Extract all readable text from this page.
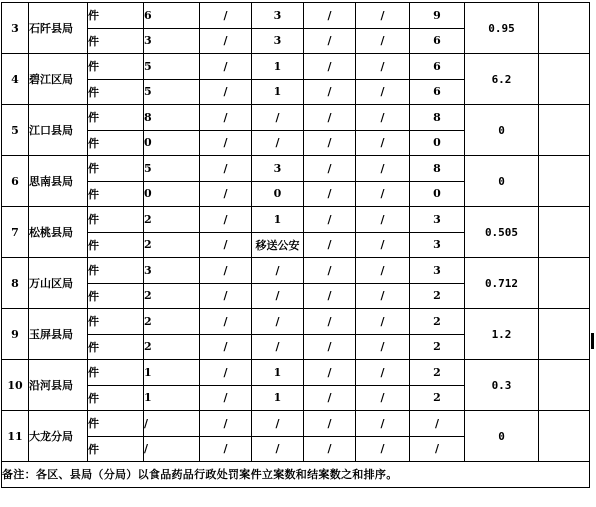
3	石阡县局	件	6	/	3	/	/	9	0.95	
		件	3	/	3	/	/	6		
4	碧江区局	件	5	/	1	/	/	6	6.2	
		件	5	/	1	/	/	6		
5	江口县局	件	8	/	/	/	/	8	0	
		件	0	/	/	/	/	0		
6	思南县局	件	5	/	3	/	/	8	0	
		件	0	/	0	/	/	0		
7	松桃县局	件	2	/	1	/	/	3	0.505	
		件	2	/	移送公安	/	/	3		
8	万山区局	件	3	/	/	/	/	3	0.712	
		件	2	/	/	/	/	2		
9	玉屏县局	件	2	/	/	/	/	2	1.2	
		件	2	/	/	/	/	2		
10	沿河县局	件	1	/	1	/	/	2	0.3	
		件	1	/	1	/	/	2		
11	大龙分局	件	/	/	/	/	/	/	0	
		件	/	/	/	/	/	/		
备注：各区、县局（分局）以食品药品行政处罚案件立案数和结案数之和排序。										
